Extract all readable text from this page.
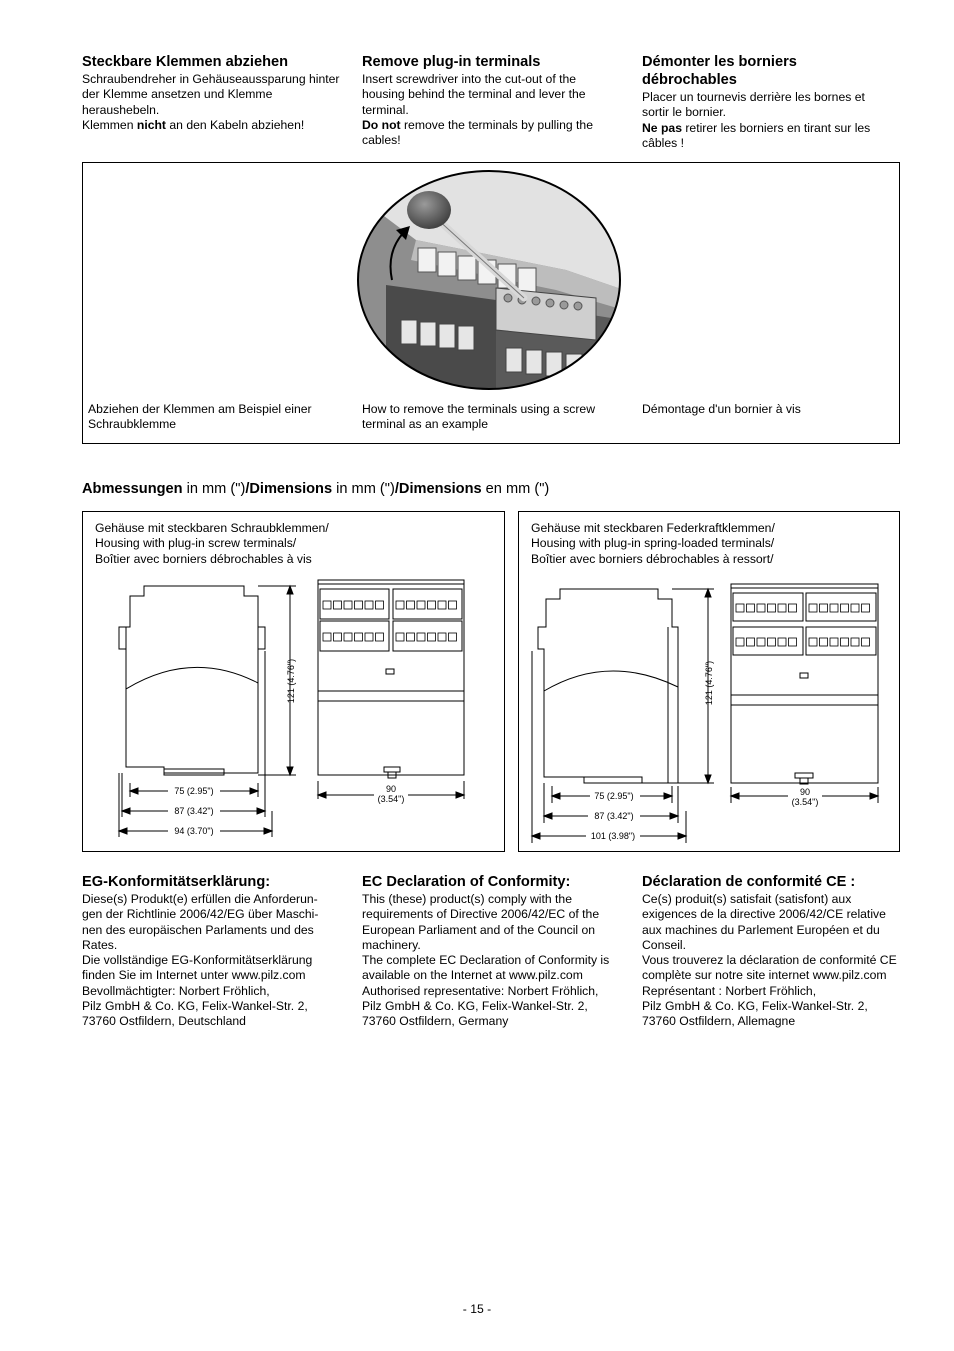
Steckbare Klemmen abziehen

Schraubendreher in Gehäuseaussparung hinter der Klemme ansetzen und Klemme heraushebeln.

Klemmen nicht an den Kabeln abziehen!

Remove plug-in terminals

Insert screwdriver into the cut-out of the housing behind the terminal and lever the terminal.

Do not remove the terminals by pulling the cables!

Démonter les borniers débrochables

Placer un tournevis derrière les bornes et sortir le bornier.

Ne pas retirer les borniers en tirant sur les câbles !

Abziehen der Klemmen am Beispiel einer Schraubklemme
How to remove the terminals using a screw terminal as an example
Démontage d'un bornier à vis
Abmessungen in mm (")/Dimensions in mm (")/Dimensions en mm (")
Gehäuse mit steckbaren Schraubklemmen/
Housing with plug-in screw terminals/
Boîtier avec borniers débrochables à vis
75 (2.95")
87 (3.42")
94 (3.70")
90
(3.54")
121 (4.76")
Gehäuse mit steckbaren Federkraftklemmen/
Housing with plug-in spring-loaded terminals/
Boîtier avec borniers débrochables à ressort/
75 (2.95")
87 (3.42")
101 (3.98")
90
(3.54")
121 (4.76")
EG-Konformitätserklärung:

Diese(s) Produkt(e) erfüllen die Anforderun-gen der Richtlinie 2006/42/EG über Maschi-nen des europäischen Parlaments und des Rates.

Die vollständige EG-Konformitätserklärung finden Sie im Internet unter www.pilz.com

Bevollmächtigter: Norbert Fröhlich,

Pilz GmbH & Co. KG, Felix-Wankel-Str. 2,

73760 Ostfildern, Deutschland

EC Declaration of Conformity:

This (these) product(s) comply with the requirements of Directive 2006/42/EC of the European Parliament and of the Council on machinery.

The complete EC Declaration of Conformity is available on the Internet at www.pilz.com

Authorised representative: Norbert Fröhlich,

Pilz GmbH & Co. KG, Felix-Wankel-Str. 2,

73760 Ostfildern, Germany

Déclaration de conformité CE :

Ce(s) produit(s) satisfait (satisfont) aux exigences de la directive 2006/42/CE relative aux machines du Parlement Européen et du Conseil.

Vous trouverez la déclaration de conformité CE complète sur notre site internet www.pilz.com

Représentant : Norbert Fröhlich,

Pilz GmbH & Co. KG, Felix-Wankel-Str. 2,

73760 Ostfildern, Allemagne

- 15 -
